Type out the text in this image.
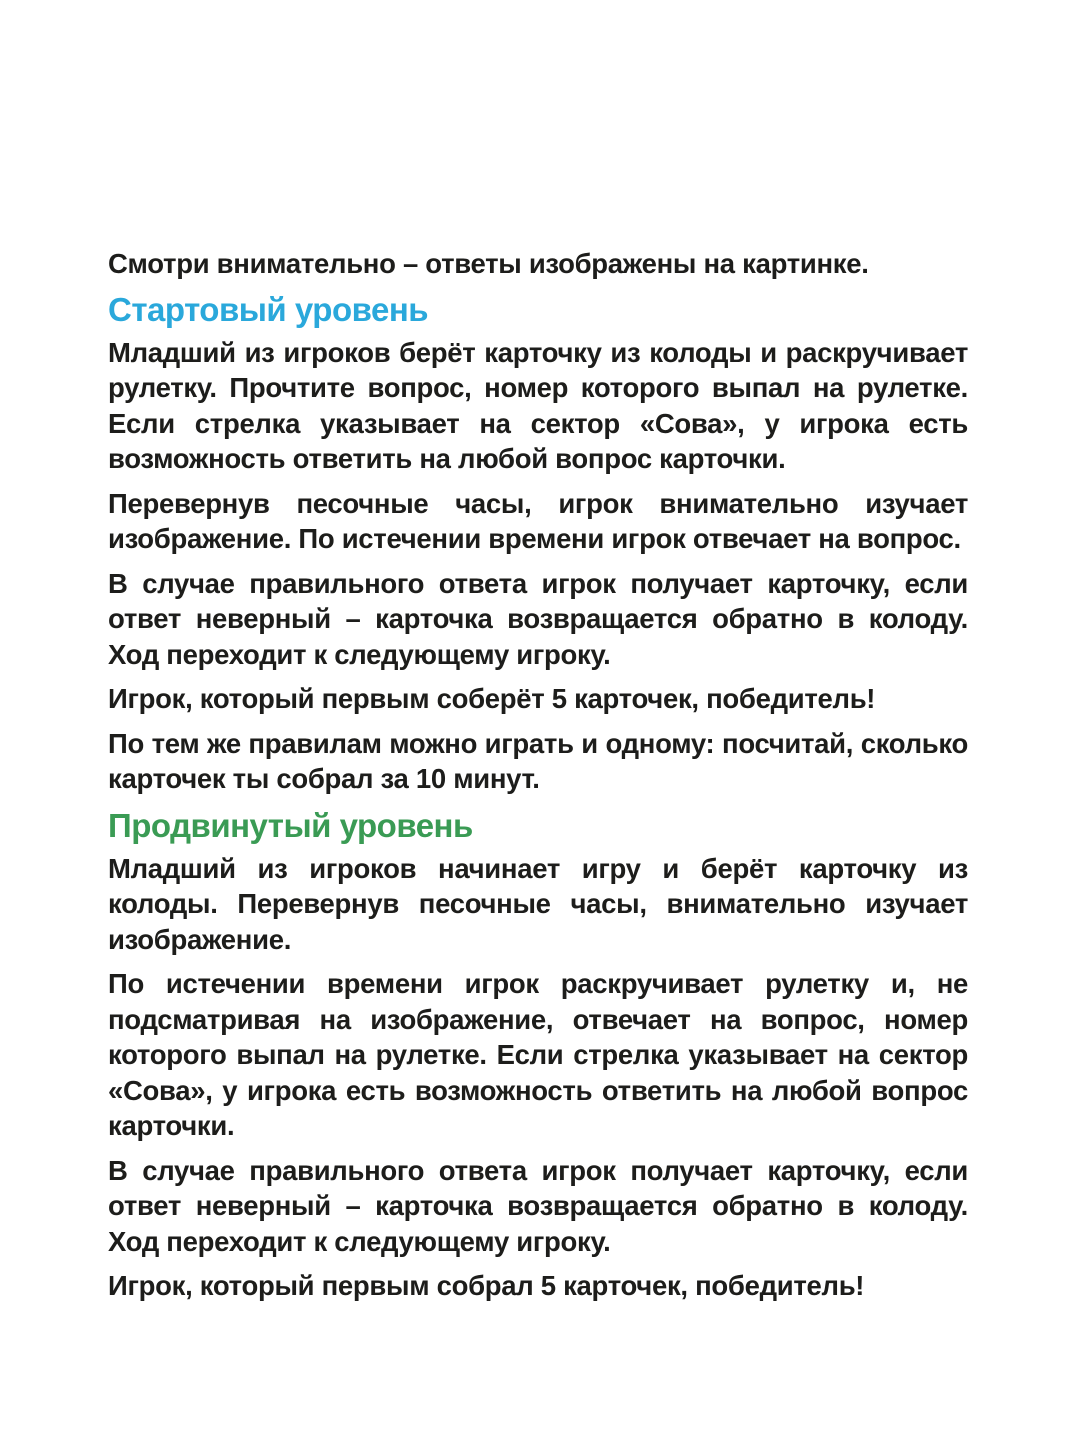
Смотри внимательно – ответы изображены на картинке.

Стартовый уровень

Младший из игроков берёт карточку из колоды и раскручивает рулетку. Прочтите вопрос, номер которого выпал на рулетке. Если стрелка указывает на сектор «Сова», у игрока есть возможность ответить на любой вопрос карточки.

Перевернув песочные часы, игрок внимательно изучает изображение. По истечении времени игрок отвечает на вопрос.

В случае правильного ответа игрок получает карточку, если ответ неверный – карточка возвращается обратно в колоду. Ход переходит к следующему игроку.

Игрок, который первым соберёт 5 карточек, победитель!

По тем же правилам можно играть и одному: посчитай, сколько карточек ты собрал за 10 минут.

Продвинутый уровень

Младший из игроков начинает игру и берёт карточку из колоды. Перевернув песочные часы, внимательно изучает изображение.

По истечении времени игрок раскручивает рулетку и, не подсматривая на изображение, отвечает на вопрос, номер которого выпал на рулетке. Если стрелка указывает на сектор «Сова», у игрока есть возможность ответить на любой вопрос карточки.

В случае правильного ответа игрок получает карточку, если ответ неверный – карточка возвращается обратно в колоду. Ход переходит к следующему игроку.

Игрок, который первым собрал 5 карточек, победитель!
